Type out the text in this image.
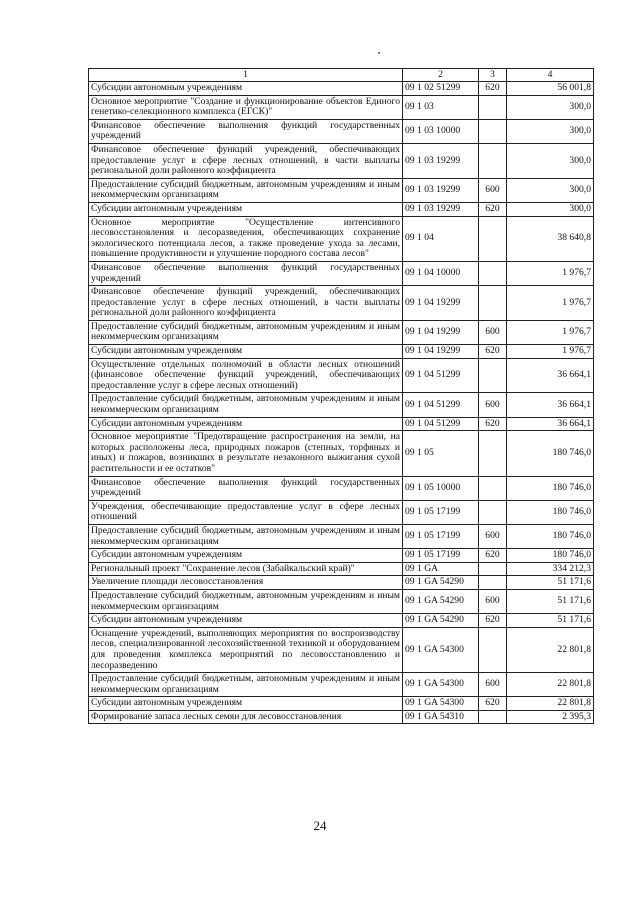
1	2	3	4
Субсидии автономным учреждениям	09 1 02 51299	620	56 001,8
Основное мероприятие "Создание и функционирование объектов Единого генетико-селекционного комплекса (ЕГСК)"	09 1 03		300,0
Финансовое обеспечение выполнения функций государственных учреждений	09 1 03 10000		300,0
Финансовое обеспечение функций учреждений, обеспечивающих предоставление услуг в сфере лесных отношений, в части выплаты региональной доли районного коэффициента	09 1 03 19299		300,0
Предоставление субсидий бюджетным, автономным учреждениям и иным некоммерческим организациям	09 1 03 19299	600	300,0
Субсидии автономным учреждениям	09 1 03 19299	620	300,0
Основное мероприятие "Осуществление интенсивного лесовосстановления и лесоразведения, обеспечивающих сохранение экологического потенциала лесов, а также проведение ухода за лесами, повышение продуктивности и улучшение породного состава лесов"	09 1 04		38 640,8
Финансовое обеспечение выполнения функций государственных учреждений	09 1 04 10000		1 976,7
Финансовое обеспечение функций учреждений, обеспечивающих предоставление услуг в сфере лесных отношений, в части выплаты региональной доли районного коэффициента	09 1 04 19299		1 976,7
Предоставление субсидий бюджетным, автономным учреждениям и иным некоммерческим организациям	09 1 04 19299	600	1 976,7
Субсидии автономным учреждениям	09 1 04 19299	620	1 976,7
Осуществление отдельных полномочий в области лесных отношений (финансовое обеспечение функций учреждений, обеспечивающих предоставление услуг в сфере лесных отношений)	09 1 04 51299		36 664,1
Предоставление субсидий бюджетным, автономным учреждениям и иным некоммерческим организациям	09 1 04 51299	600	36 664,1
Субсидии автономным учреждениям	09 1 04 51299	620	36 664,1
Основное мероприятие "Предотвращение распространения на земли, на которых расположены леса, природных пожаров (степных, торфяных и иных) и пожаров, возникших в результате незаконного выжигания сухой растительности и ее остатков"	09 1 05		180 746,0
Финансовое обеспечение выполнения функций государственных учреждений	09 1 05 10000		180 746,0
Учреждения, обеспечивающие предоставление услуг в сфере лесных отношений	09 1 05 17199		180 746,0
Предоставление субсидий бюджетным, автономным учреждениям и иным некоммерческим организациям	09 1 05 17199	600	180 746,0
Субсидии автономным учреждениям	09 1 05 17199	620	180 746,0
Региональный проект "Сохранение лесов (Забайкальский край)"	09 1 GA		334 212,3
Увеличение площади лесовосстановления	09 1 GA 54290		51 171,6
Предоставление субсидий бюджетным, автономным учреждениям и иным некоммерческим организациям	09 1 GA 54290	600	51 171,6
Субсидии автономным учреждениям	09 1 GA 54290	620	51 171,6
Оснащение учреждений, выполняющих мероприятия по воспроизводству лесов, специализированной лесохозяйственной техникой и оборудованием для проведения комплекса мероприятий по лесовосстановлению и лесоразведению	09 1 GA 54300		22 801,8
Предоставление субсидий бюджетным, автономным учреждениям и иным некоммерческим организациям	09 1 GA 54300	600	22 801,8
Субсидии автономным учреждениям	09 1 GA 54300	620	22 801,8
Формирование запаса лесных семян для лесовосстановления	09 1 GA 54310		2 395,3
24
